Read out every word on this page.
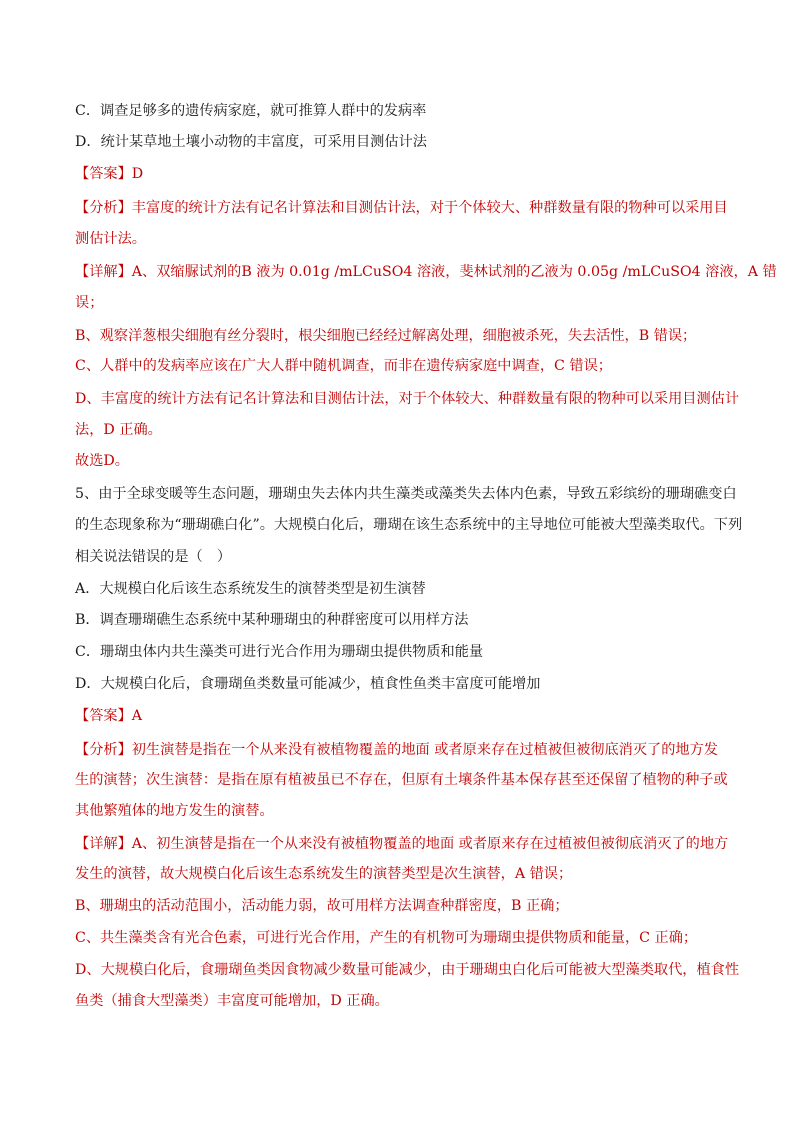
C．调查足够多的遗传病家庭，就可推算人群中的发病率
D．统计某草地土壤小动物的丰富度，可采用目测估计法
【答案】D
【分析】丰富度的统计方法有记名计算法和目测估计法，对于个体较大、种群数量有限的物种可以采用目
测估计法。
【详解】A、双缩脲试剂的B 液为 0.01g /mLCuSO4 溶液，斐林试剂的乙液为 0.05g /mLCuSO4 溶液，A 错
误；
B、观察洋葱根尖细胞有丝分裂时，根尖细胞已经经过解离处理，细胞被杀死，失去活性，B 错误；
C、人群中的发病率应该在广大人群中随机调查，而非在遗传病家庭中调查，C 错误；
D、丰富度的统计方法有记名计算法和目测估计法，对于个体较大、种群数量有限的物种可以采用目测估计
法，D 正确。
故选D。
5、由于全球变暖等生态问题，珊瑚虫失去体内共生藻类或藻类失去体内色素，导致五彩缤纷的珊瑚礁变白
的生态现象称为“珊瑚礁白化”。大规模白化后，珊瑚在该生态系统中的主导地位可能被大型藻类取代。下列
相关说法错误的是（　）
A．大规模白化后该生态系统发生的演替类型是初生演替
B．调查珊瑚礁生态系统中某种珊瑚虫的种群密度可以用样方法
C．珊瑚虫体内共生藻类可进行光合作用为珊瑚虫提供物质和能量
D．大规模白化后，食珊瑚鱼类数量可能减少，植食性鱼类丰富度可能增加
【答案】A
【分析】初生演替是指在一个从来没有被植物覆盖的地面 或者原来存在过植被但被彻底消灭了的地方发
生的演替；次生演替：是指在原有植被虽已不存在，但原有土壤条件基本保存甚至还保留了植物的种子或
其他繁殖体的地方发生的演替。
【详解】A、初生演替是指在一个从来没有被植物覆盖的地面 或者原来存在过植被但被彻底消灭了的地方
发生的演替，故大规模白化后该生态系统发生的演替类型是次生演替，A 错误；
B、珊瑚虫的活动范围小，活动能力弱，故可用样方法调查种群密度，B 正确；
C、共生藻类含有光合色素，可进行光合作用，产生的有机物可为珊瑚虫提供物质和能量，C 正确；
D、大规模白化后，食珊瑚鱼类因食物减少数量可能减少，由于珊瑚虫白化后可能被大型藻类取代，植食性
鱼类（捕食大型藻类）丰富度可能增加，D 正确。
